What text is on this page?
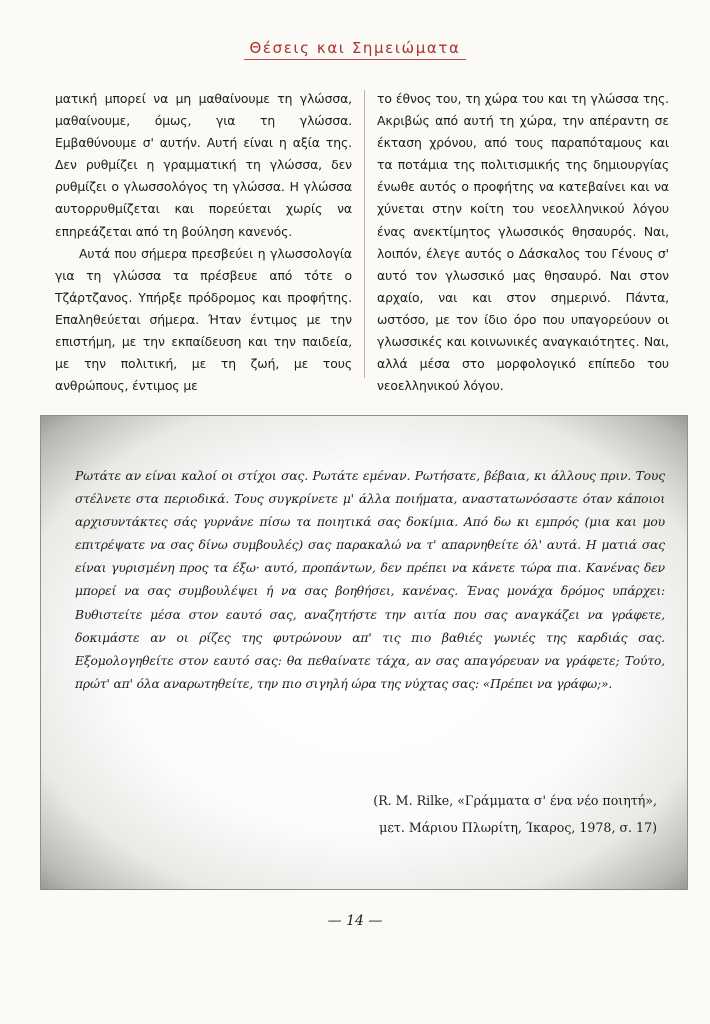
Θέσεις και Σημειώματα

ματική μπορεί να μη μαθαίνουμε τη γλώσσα, μαθαίνουμε, όμως, για τη γλώσσα. Εμβαθύνουμε σ' αυτήν. Αυτή είναι η αξία της. Δεν ρυθμίζει η γραμματική τη γλώσσα, δεν ρυθμίζει ο γλωσσολόγος τη γλώσσα. Η γλώσσα αυτορρυθμίζεται και πορεύεται χωρίς να επηρεάζεται από τη βούληση κανενός.

Αυτά που σήμερα πρεσβεύει η γλωσσολογία για τη γλώσσα τα πρέσβευε από τότε ο Τζάρτζανος. Υπήρξε πρόδρομος και προφήτης. Επαληθεύεται σήμερα. Ήταν έντιμος με την επιστήμη, με την εκπαίδευση και την παιδεία, με την πολιτική, με τη ζωή, με τους ανθρώπους, έντιμος με

το έθνος του, τη χώρα του και τη γλώσσα της. Ακριβώς από αυτή τη χώρα, την απέραντη σε έκταση χρόνου, από τους παραπόταμους και τα ποτάμια της πολιτισμικής της δημιουργίας ένωθε αυτός ο προφήτης να κατεβαίνει και να χύνεται στην κοίτη του νεοελληνικού λόγου ένας ανεκτίμητος γλωσσικός θησαυρός. Ναι, λοιπόν, έλεγε αυτός ο Δάσκαλος του Γένους σ' αυτό τον γλωσσικό μας θησαυρό. Ναι στον αρχαίο, ναι και στον σημερινό. Πάντα, ωστόσο, με τον ίδιο όρο που υπαγορεύουν οι γλωσσικές και κοινωνικές αναγκαιότητες. Ναι, αλλά μέσα στο μορφολογικό επίπεδο του νεοελληνικού λόγου.

Ρωτάτε αν είναι καλοί οι στίχοι σας. Ρωτάτε εμέναν. Ρωτήσατε, βέβαια, κι άλλους πριν. Τους στέλνετε στα περιοδικά. Τους συγκρίνετε μ' άλλα ποιήματα, αναστατωνόσαστε όταν κάποιοι αρχισυντάκτες σάς γυρνάνε πίσω τα ποιητικά σας δοκίμια. Από δω κι εμπρός (μια και μου επιτρέψατε να σας δίνω συμβουλές) σας παρακαλώ να τ' απαρνηθείτε όλ' αυτά. Η ματιά σας είναι γυρισμένη προς τα έξω· αυτό, προπάντων, δεν πρέπει να κάνετε τώρα πια. Κανένας δεν μπορεί να σας συμβουλέψει ή να σας βοηθήσει, κανένας. Ένας μονάχα δρόμος υπάρχει: Βυθιστείτε μέσα στον εαυτό σας, αναζητήστε την αιτία που σας αναγκάζει να γράφετε, δοκιμάστε αν οι ρίζες της φυτρώνουν απ' τις πιο βαθιές γωνιές της καρδιάς σας. Εξομολογηθείτε στον εαυτό σας: θα πεθαίνατε τάχα, αν σας απαγόρευαν να γράφετε; Τούτο, πρώτ' απ' όλα αναρωτηθείτε, την πιο σιγηλή ώρα της νύχτας σας: «Πρέπει να γράφω;».

(R. M. Rilke, «Γράμματα σ' ένα νέο ποιητή»,
μετ. Μάριου Πλωρίτη, Ίκαρος, 1978, σ. 17)
— 14 —
